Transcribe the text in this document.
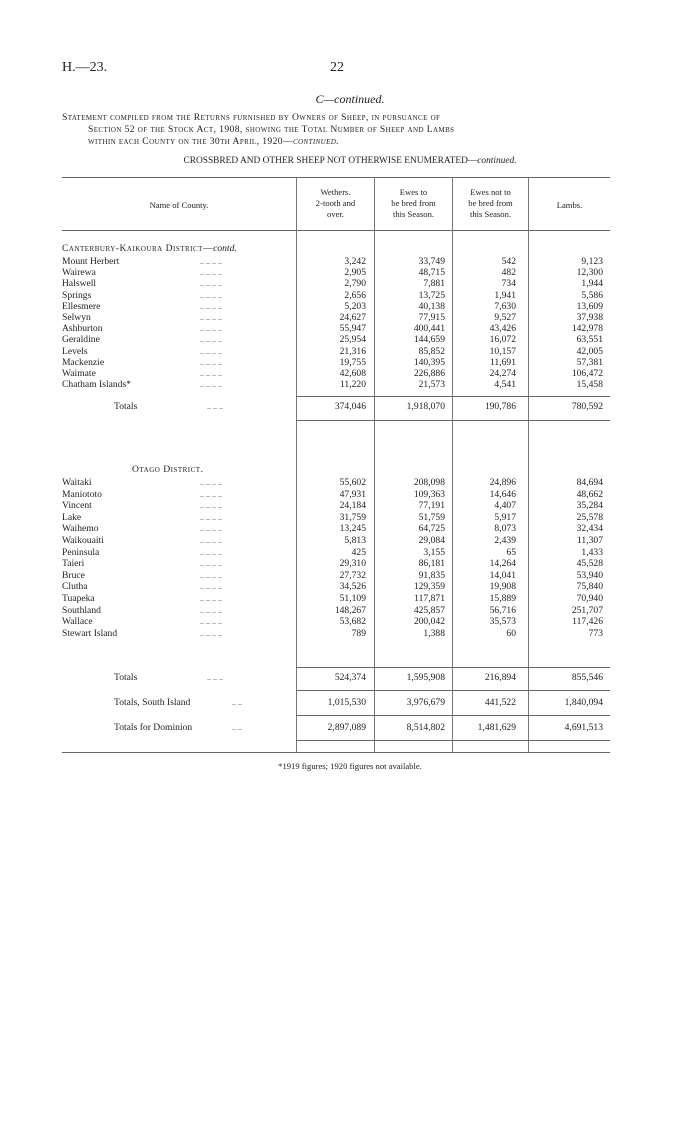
H.—23.	22
C—continued.
Statement compiled from the Returns furnished by Owners of Sheep, in pursuance of
Section 52 of the Stock Act, 1908, showing the Total Number of Sheep and Lambs
within each County on the 30th April, 1920—continued.
CROSSBRED AND OTHER SHEEP NOT OTHERWISE ENUMERATED—continued.
Name of County.
Wethers.
2-tooth and
over.
Ewes to
be bred from
this Season.
Ewes not to
be bred from
this Season.
Lambs.
Canterbury-Kaikoura District—contd.
Mount Herbert	.. .. .. ..	3,242	33,749	542	9,123
Wairewa	.. .. .. ..	2,905	48,715	482	12,300
Halswell	.. .. .. ..	2,790	7,881	734	1,944
Springs	.. .. .. ..	2,656	13,725	1,941	5,586
Ellesmere	.. .. .. ..	5,203	40,138	7,630	13,609
Selwyn	.. .. .. ..	24,627	77,915	9,527	37,938
Ashburton	.. .. .. ..	55,947	400,441	43,426	142,978
Geraldine	.. .. .. ..	25,954	144,659	16,072	63,551
Levels	.. .. .. ..	21,316	85,852	10,157	42,005
Mackenzie	.. .. .. ..	19,755	140,395	11,691	57,381
Waimate	.. .. .. ..	42,608	226,886	24,274	106,472
Chatham Islands*	.. .. .. ..	11,220	21,573	4,541	15,458
Totals	.. .. ..	374,046	1,918,070	190,786	780,592
Otago District.
Waitaki	.. .. .. ..	55,602	208,098	24,896	84,694
Maniototo	.. .. .. ..	47,931	109,363	14,646	48,662
Vincent	.. .. .. ..	24,184	77,191	4,407	35,284
Lake	.. .. .. ..	31,759	51,759	5,917	25,578
Waihemo	.. .. .. ..	13,245	64,725	8,073	32,434
Waikouaiti	.. .. .. ..	5,813	29,084	2,439	11,307
Peninsula	.. .. .. ..	425	3,155	65	1,433
Taieri	.. .. .. ..	29,310	86,181	14,264	45,528
Bruce	.. .. .. ..	27,732	91,835	14,041	53,940
Clutha	.. .. .. ..	34,526	129,359	19,908	75,840
Tuapeka	.. .. .. ..	51,109	117,871	15,889	70,940
Southland	.. .. .. ..	148,267	425,857	56,716	251,707
Wallace	.. .. .. ..	53,682	200,042	35,573	117,426
Stewart Island	.. .. .. ..	789	1,388	60	773
Totals	.. .. ..	524,374	1,595,908	216,894	855,546
Totals, South Island	.. ..	1,015,530	3,976,679	441,522	1,840,094
Totals for Dominion	.. ..	2,897,089	8,514,802	1,481,629	4,691,513
*1919 figures; 1920 figures not available.
